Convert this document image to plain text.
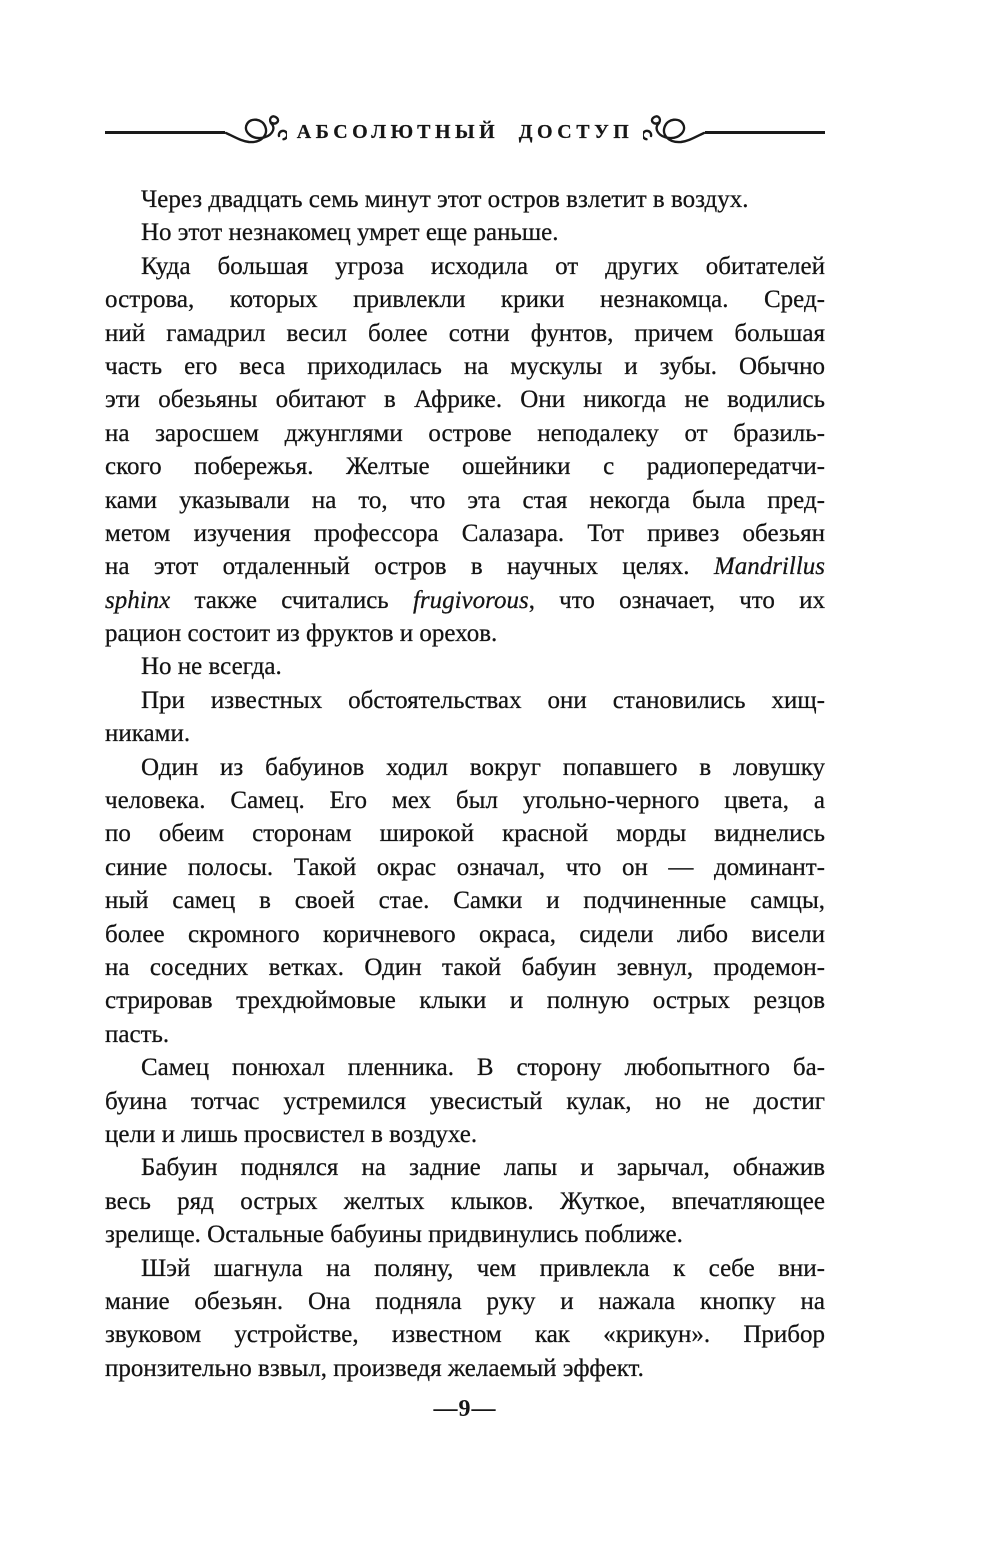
АБСОЛЮТНЫЙ ДОСТУП
Через двадцать семь минут этот остров взлетит в воздух.
Но этот незнакомец умрет еще раньше.
Куда большая угроза исходила от других обитателей
острова, которых привлекли крики незнакомца. Сред-
ний гамадрил весил более сотни фунтов, причем большая
часть его веса приходилась на мускулы и зубы. Обычно
эти обезьяны обитают в Африке. Они никогда не водились
на заросшем джунглями острове неподалеку от бразиль-
ского побережья. Желтые ошейники с радиопередатчи-
ками указывали на то, что эта стая некогда была пред-
метом изучения профессора Салазара. Тот привез обезьян
на этот отдаленный остров в научных целях. Mandrillus
sphinx также считались frugivorous, что означает, что их
рацион состоит из фруктов и орехов.
Но не всегда.
При известных обстоятельствах они становились хищ-
никами.
Один из бабуинов ходил вокруг попавшего в ловушку
человека. Самец. Его мех был угольно-черного цвета, а
по обеим сторонам широкой красной морды виднелись
синие полосы. Такой окрас означал, что он — доминант-
ный самец в своей стае. Самки и подчиненные самцы,
более скромного коричневого окраса, сидели либо висели
на соседних ветках. Один такой бабуин зевнул, продемон-
стрировав трехдюймовые клыки и полную острых резцов
пасть.
Самец понюхал пленника. В сторону любопытного ба-
буина тотчас устремился увесистый кулак, но не достиг
цели и лишь просвистел в воздухе.
Бабуин поднялся на задние лапы и зарычал, обнажив
весь ряд острых желтых клыков. Жуткое, впечатляющее
зрелище. Остальные бабуины придвинулись поближе.
Шэй шагнула на поляну, чем привлекла к себе вни-
мание обезьян. Она подняла руку и нажала кнопку на
звуковом устройстве, известном как «крикун». Прибор
пронзительно взвыл, произведя желаемый эффект.
—9—
